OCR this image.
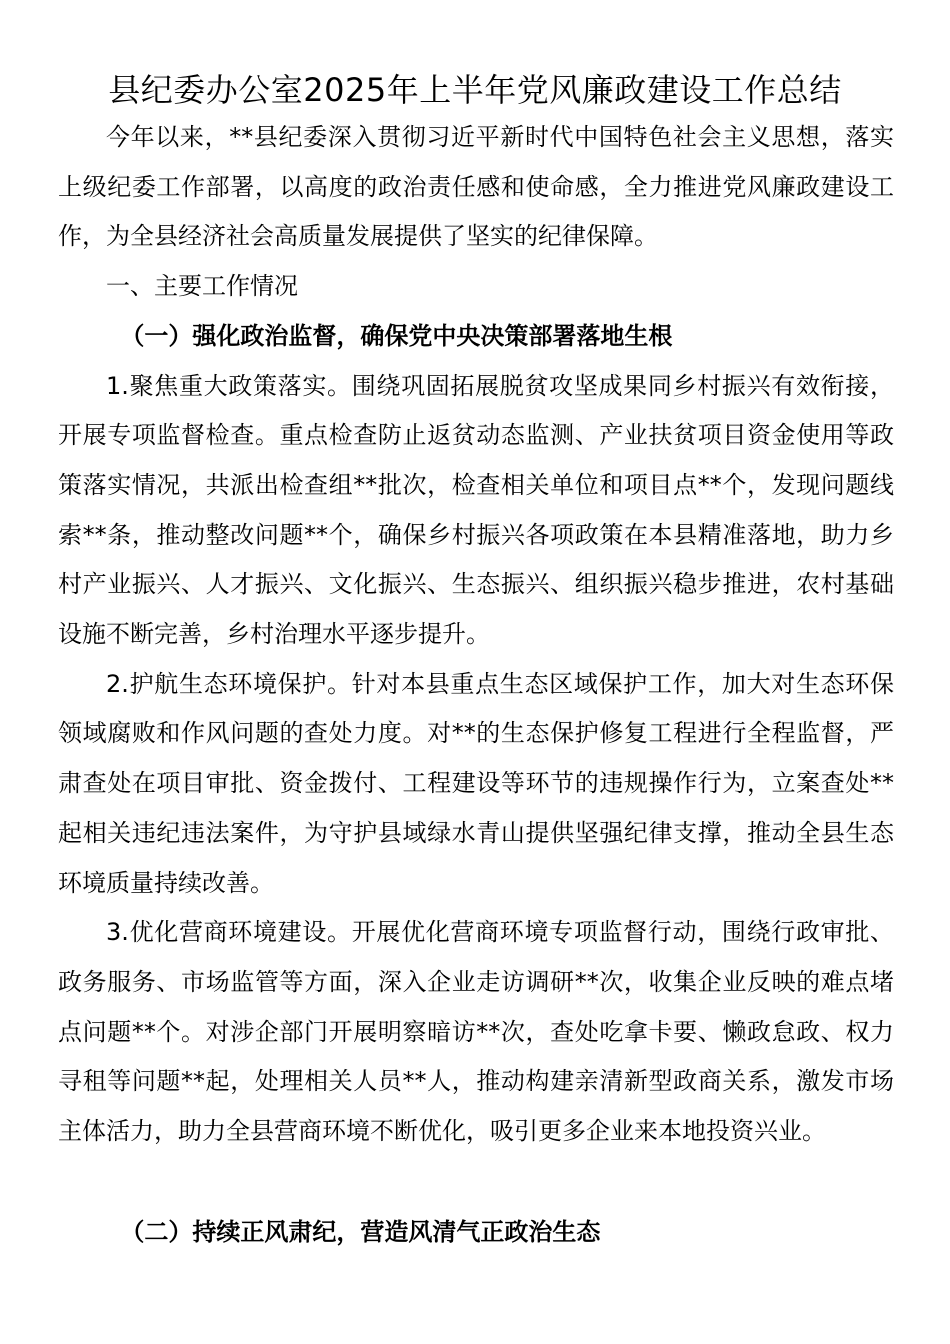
县纪委办公室2025年上半年党风廉政建设工作总结

今年以来，**县纪委深入贯彻习近平新时代中国特色社会主义思想，落实上级纪委工作部署，以高度的政治责任感和使命感，全力推进党风廉政建设工作，为全县经济社会高质量发展提供了坚实的纪律保障。

一、主要工作情况

（一）强化政治监督，确保党中央决策部署落地生根

1.聚焦重大政策落实。围绕巩固拓展脱贫攻坚成果同乡村振兴有效衔接，开展专项监督检查。重点检查防止返贫动态监测、产业扶贫项目资金使用等政策落实情况，共派出检查组**批次，检查相关单位和项目点**个，发现问题线索**条，推动整改问题**个，确保乡村振兴各项政策在本县精准落地，助力乡村产业振兴、人才振兴、文化振兴、生态振兴、组织振兴稳步推进，农村基础设施不断完善，乡村治理水平逐步提升。

2.护航生态环境保护。针对本县重点生态区域保护工作，加大对生态环保领域腐败和作风问题的查处力度。对**的生态保护修复工程进行全程监督，严肃查处在项目审批、资金拨付、工程建设等环节的违规操作行为，立案查处**起相关违纪违法案件，为守护县域绿水青山提供坚强纪律支撑，推动全县生态环境质量持续改善。

3.优化营商环境建设。开展优化营商环境专项监督行动，围绕行政审批、政务服务、市场监管等方面，深入企业走访调研**次，收集企业反映的难点堵点问题**个。对涉企部门开展明察暗访**次，查处吃拿卡要、懒政怠政、权力寻租等问题**起，处理相关人员**人，推动构建亲清新型政商关系，激发市场主体活力，助力全县营商环境不断优化，吸引更多企业来本地投资兴业。

（二）持续正风肃纪，营造风清气正政治生态
